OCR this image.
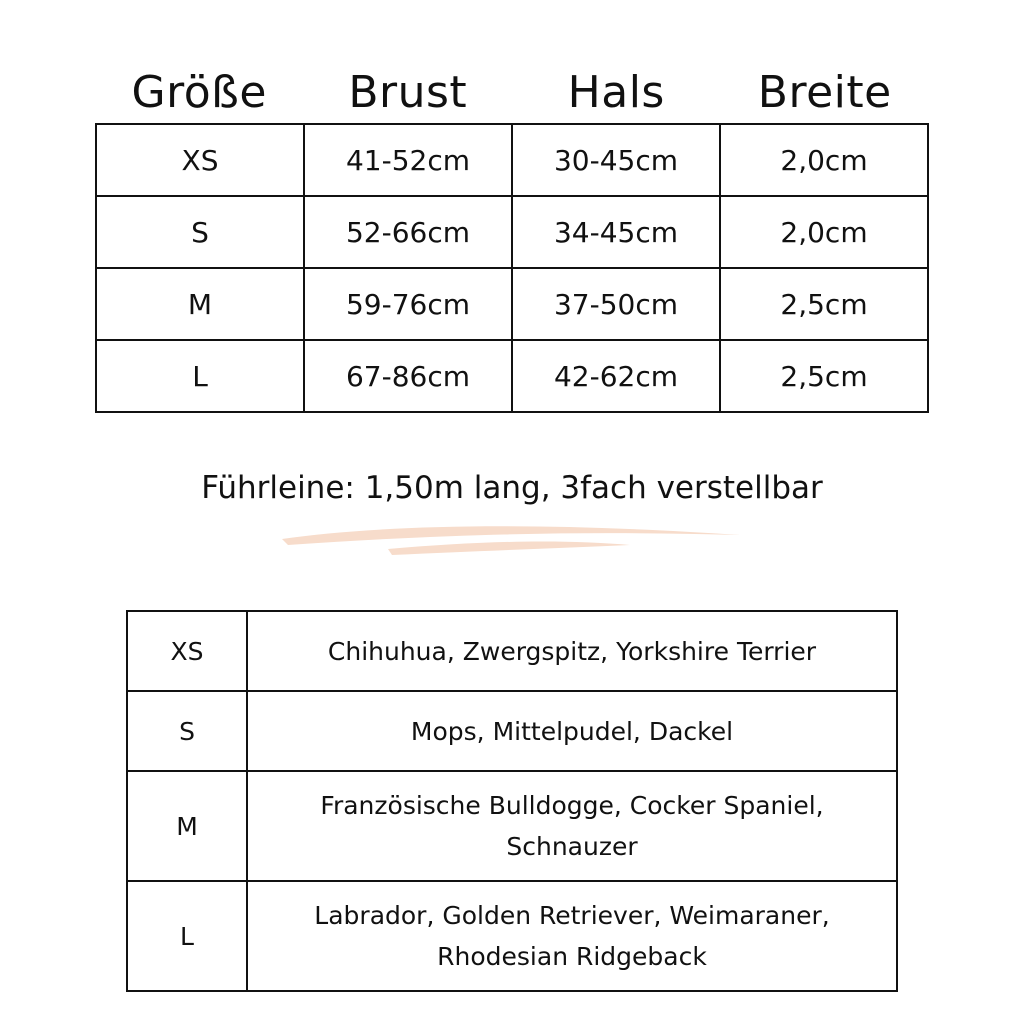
Größe	Brust	Hals	Breite
XS	41-52cm	30-45cm	2,0cm
S	52-66cm	34-45cm	2,0cm
M	59-76cm	37-50cm	2,5cm
L	67-86cm	42-62cm	2,5cm
Führleine: 1,50m lang, 3fach verstellbar
XS	Chihuhua, Zwergspitz, Yorkshire Terrier

S	Mops, Mittelpudel, Dackel

M	Französische Bulldogge, Cocker Spaniel,
Schnauzer

L	Labrador, Golden Retriever, Weimaraner,
Rhodesian Ridgeback
